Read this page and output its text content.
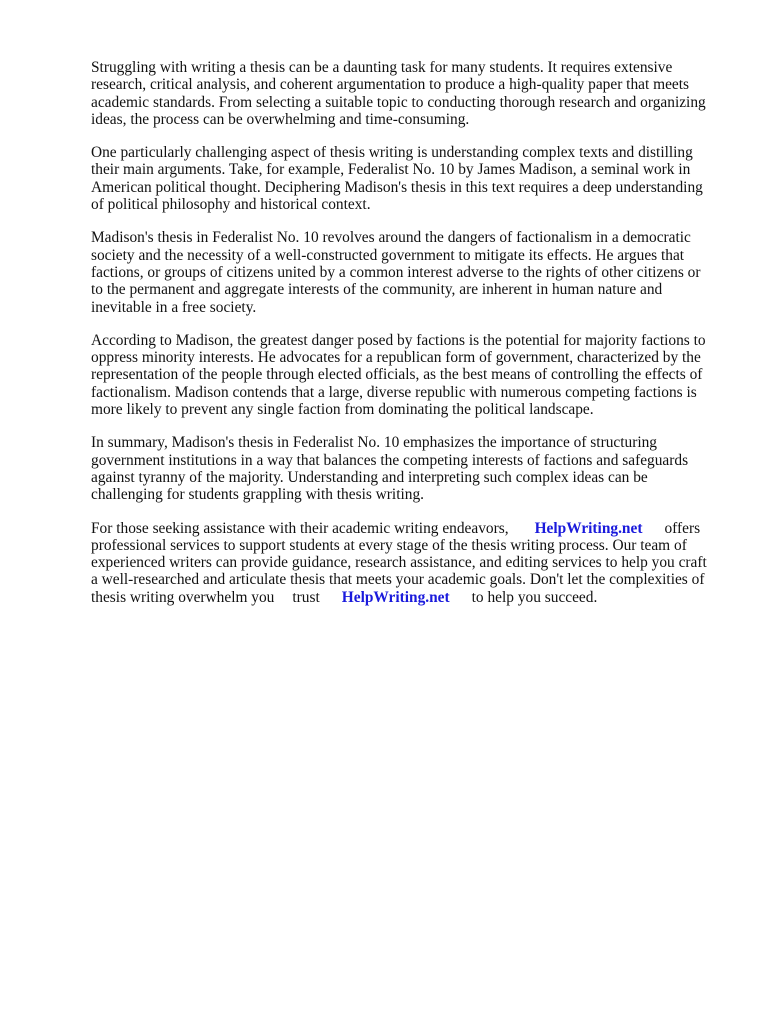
Struggling with writing a thesis can be a daunting task for many students. It requires extensive research, critical analysis, and coherent argumentation to produce a high-quality paper that meets academic standards. From selecting a suitable topic to conducting thorough research and organizing ideas, the process can be overwhelming and time-consuming.

One particularly challenging aspect of thesis writing is understanding complex texts and distilling their main arguments. Take, for example, Federalist No. 10 by James Madison, a seminal work in American political thought. Deciphering Madison's thesis in this text requires a deep understanding of political philosophy and historical context.

Madison's thesis in Federalist No. 10 revolves around the dangers of factionalism in a democratic society and the necessity of a well-constructed government to mitigate its effects. He argues that factions, or groups of citizens united by a common interest adverse to the rights of other citizens or to the permanent and aggregate interests of the community, are inherent in human nature and inevitable in a free society.

According to Madison, the greatest danger posed by factions is the potential for majority factions to oppress minority interests. He advocates for a republican form of government, characterized by the representation of the people through elected officials, as the best means of controlling the effects of factionalism. Madison contends that a large, diverse republic with numerous competing factions is more likely to prevent any single faction from dominating the political landscape.

In summary, Madison's thesis in Federalist No. 10 emphasizes the importance of structuring government institutions in a way that balances the competing interests of factions and safeguards against tyranny of the majority. Understanding and interpreting such complex ideas can be challenging for students grappling with thesis writing.

For those seeking assistance with their academic writing endeavors, HelpWriting.net offers professional services to support students at every stage of the thesis writing process. Our team of experienced writers can provide guidance, research assistance, and editing services to help you craft a well-researched and articulate thesis that meets your academic goals. Don't let the complexities of thesis writing overwhelm you trust HelpWriting.net to help you succeed.
